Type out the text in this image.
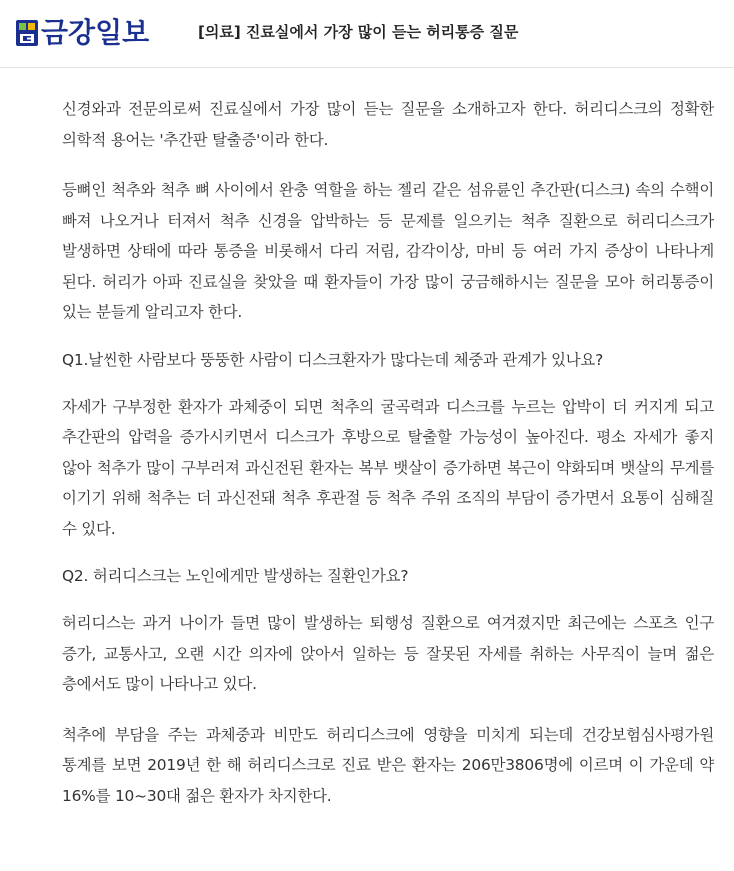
금강일보	[의료] 진료실에서 가장 많이 듣는 허리통증 질문

신경와과 전문의로써 진료실에서 가장 많이 듣는 질문을 소개하고자 한다. 허리디스크의 정확한 의학적 용어는 '추간판 탈출증'이라 한다.

등뼈인 척추와 척추 뼈 사이에서 완충 역할을 하는 젤리 같은 섬유륜인 추간판(디스크) 속의 수핵이 빠져 나오거나 터져서 척추 신경을 압박하는 등 문제를 일으키는 척추 질환으로 허리디스크가 발생하면 상태에 따라 통증을 비롯해서 다리 저림, 감각이상, 마비 등 여러 가지 증상이 나타나게 된다. 허리가 아파 진료실을 찾았을 때 환자들이 가장 많이 궁금해하시는 질문을 모아 허리통증이 있는 분들게 알리고자 한다.

Q1.날씬한 사람보다 뚱뚱한 사람이 디스크환자가 많다는데 체중과 관계가 있나요?

자세가 구부정한 환자가 과체중이 되면 척추의 굴곡력과 디스크를 누르는 압박이 더 커지게 되고 추간판의 압력을 증가시키면서 디스크가 후방으로 탈출할 가능성이 높아진다. 평소 자세가 좋지 않아 척추가 많이 구부러져 과신전된 환자는 복부 뱃살이 증가하면 복근이 약화되며 뱃살의 무게를 이기기 위해 척추는 더 과신전돼 척추 후관절 등 척추 주위 조직의 부담이 증가면서 요통이 심해질 수 있다.

Q2. 허리디스크는 노인에게만 발생하는 질환인가요?

허리디스는 과거 나이가 들면 많이 발생하는 퇴행성 질환으로 여겨졌지만 최근에는 스포츠 인구 증가, 교통사고, 오랜 시간 의자에 앉아서 일하는 등 잘못된 자세를 취하는 사무직이 늘며 젊은 층에서도 많이 나타나고 있다.

척추에 부담을 주는 과체중과 비만도 허리디스크에 영향을 미치게 되는데 건강보험심사평가원 통계를 보면 2019년 한 해 허리디스크로 진료 받은 환자는 206만3806명에 이르며 이 가운데 약 16%를 10~30대 젊은 환자가 차지한다.
